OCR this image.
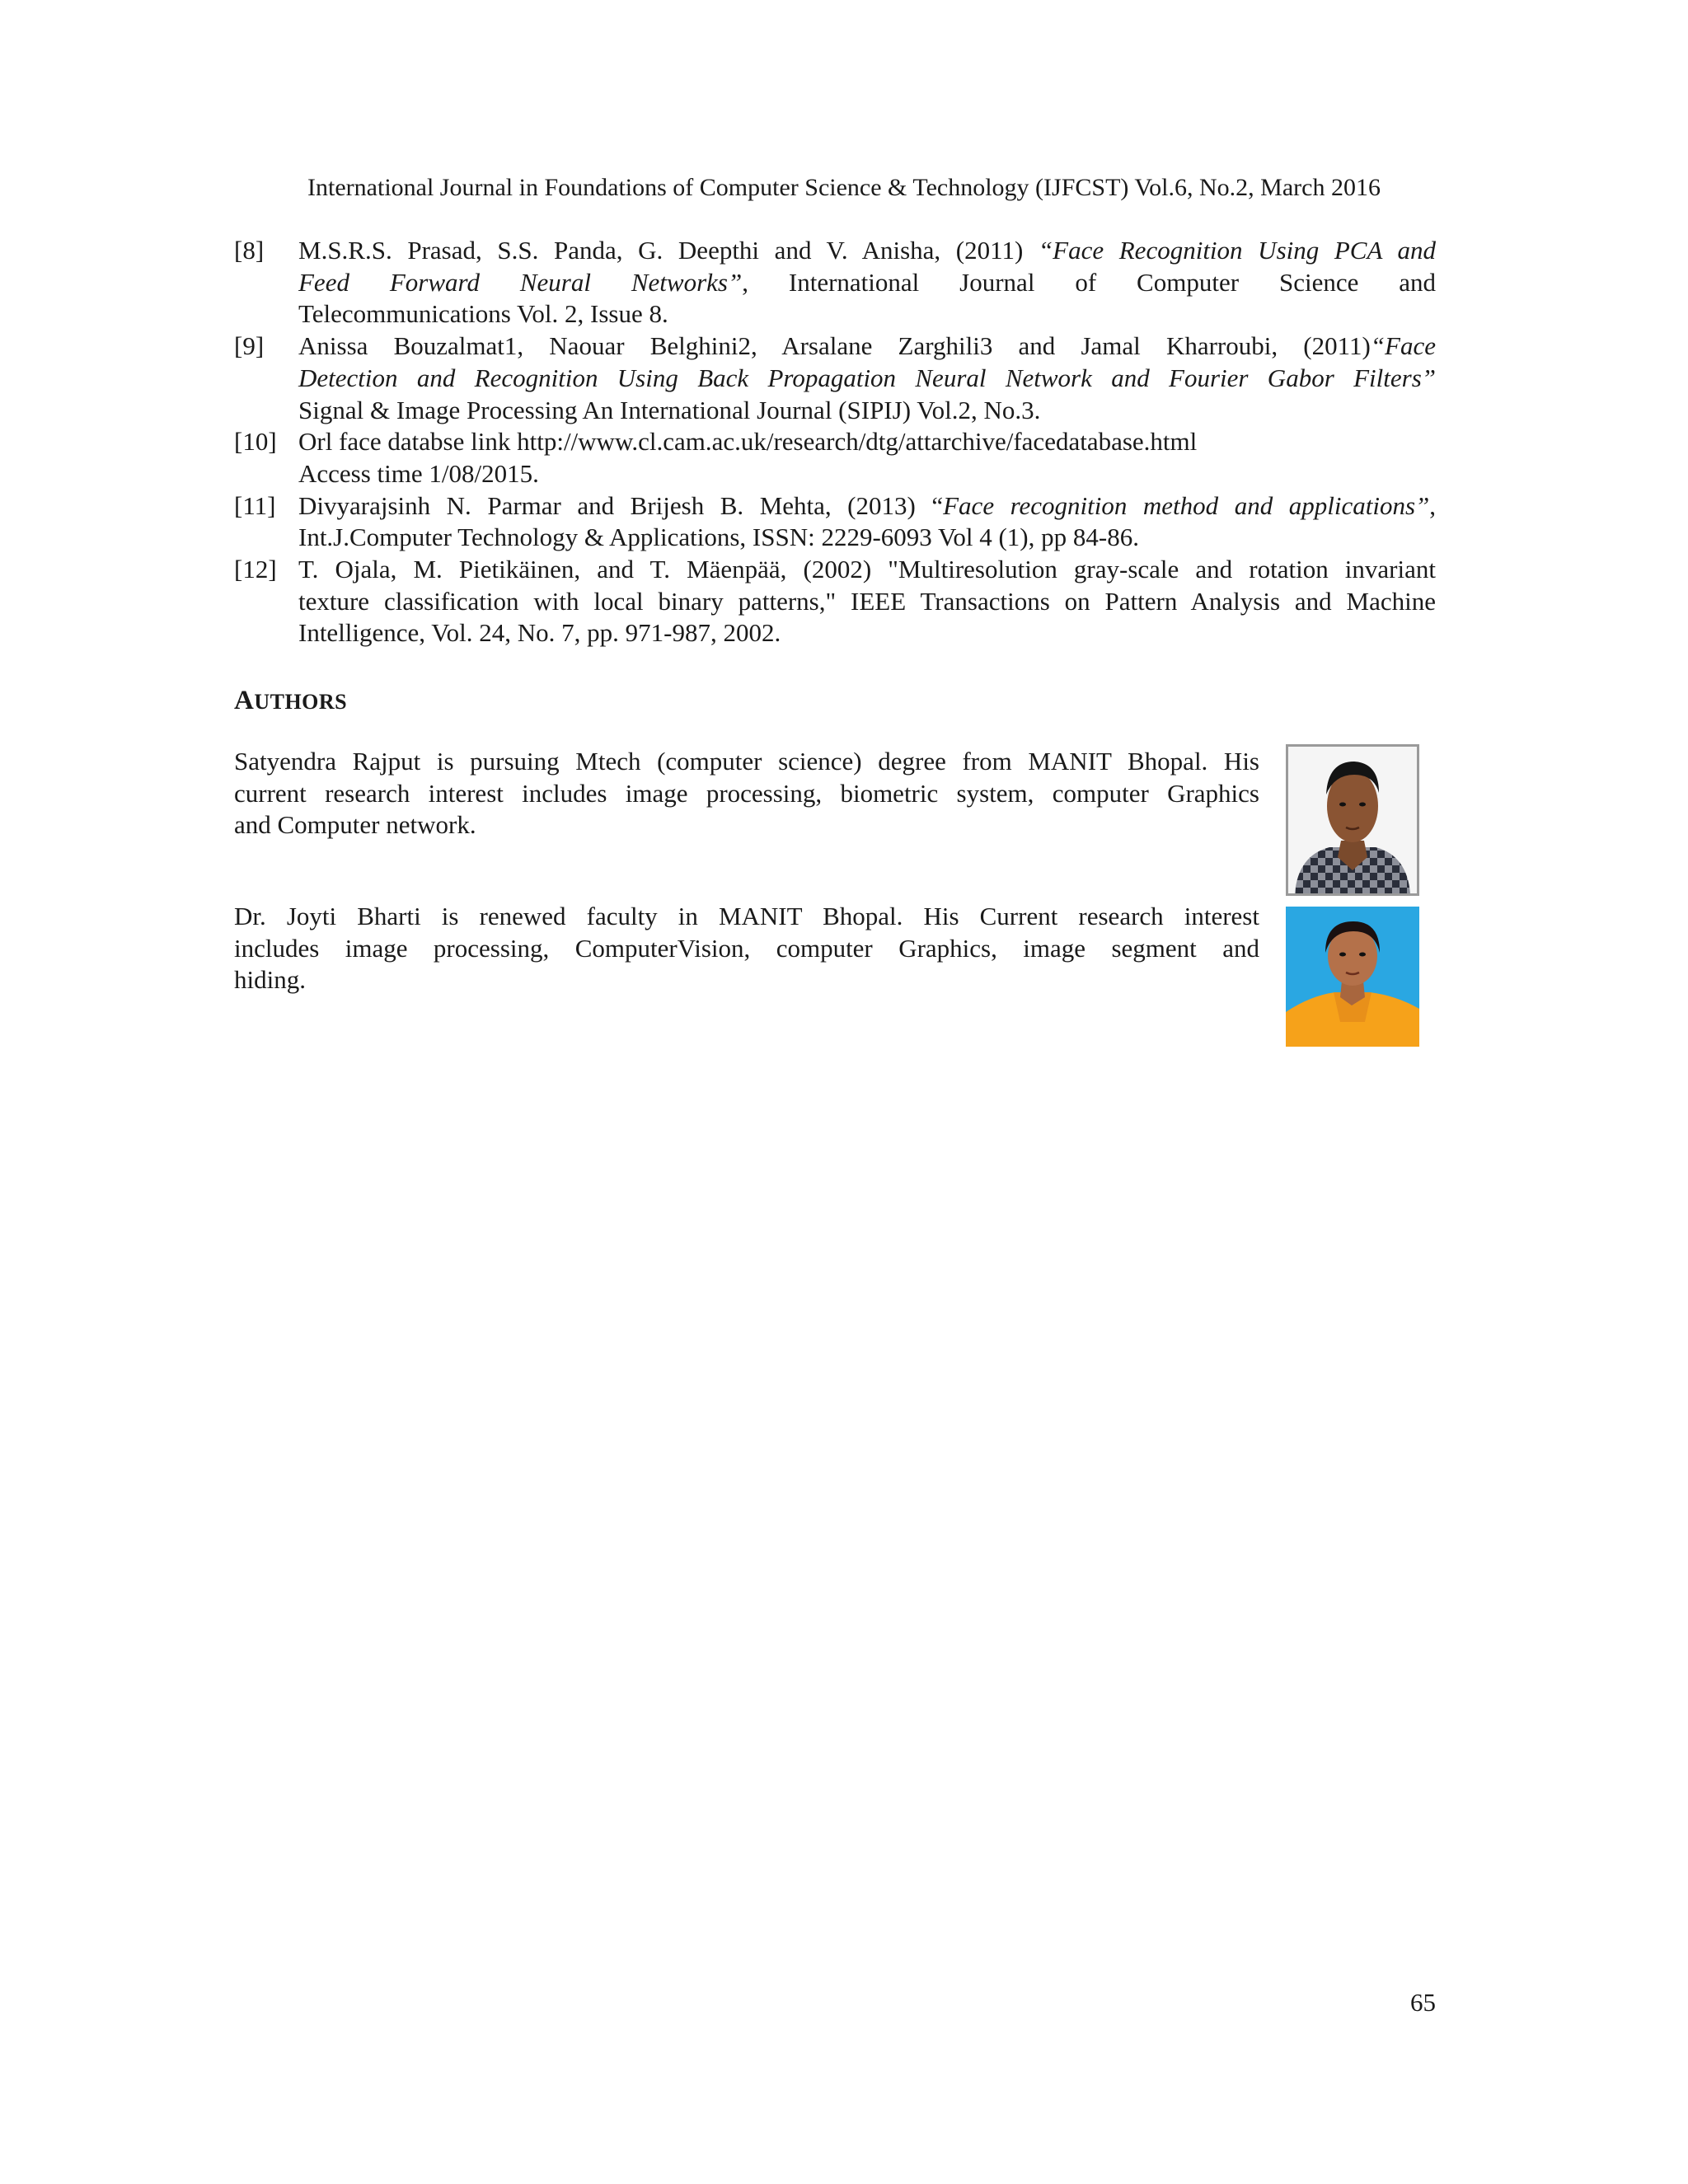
International Journal in Foundations of Computer Science & Technology (IJFCST) Vol.6, No.2, March 2016
[8]	M.S.R.S. Prasad, S.S. Panda, G. Deepthi and V. Anisha, (2011) “Face Recognition Using PCA and
Feed Forward Neural Networks”, International Journal of Computer Science and
Telecommunications Vol. 2, Issue 8.
[9]	Anissa Bouzalmat1, Naouar Belghini2, Arsalane Zarghili3 and Jamal Kharroubi, (2011)“Face
Detection and Recognition Using Back Propagation Neural Network and Fourier Gabor Filters”
Signal & Image Processing An International Journal (SIPIJ) Vol.2, No.3.
[10] Orl face databse link http://www.cl.cam.ac.uk/research/dtg/attarchive/facedatabase.html
Access time 1/08/2015.
[11] Divyarajsinh N. Parmar and Brijesh B. Mehta, (2013) “Face recognition method and applications”,
Int.J.Computer Technology & Applications, ISSN: 2229-6093 Vol 4 (1), pp 84-86.
[12] T. Ojala, M. Pietikäinen, and T. Mäenpää, (2002) "Multiresolution gray-scale and rotation invariant
texture classification with local binary patterns," IEEE Transactions on Pattern Analysis and Machine
Intelligence, Vol. 24, No. 7, pp. 971-987, 2002.
AUTHORS
Satyendra Rajput is pursuing Mtech (computer science) degree from MANIT Bhopal. His
current research interest includes image processing, biometric system, computer Graphics
and Computer network.
Dr. Joyti Bharti is renewed faculty in MANIT Bhopal. His Current research interest
includes image processing, ComputerVision, computer Graphics, image segment and
hiding.
65
